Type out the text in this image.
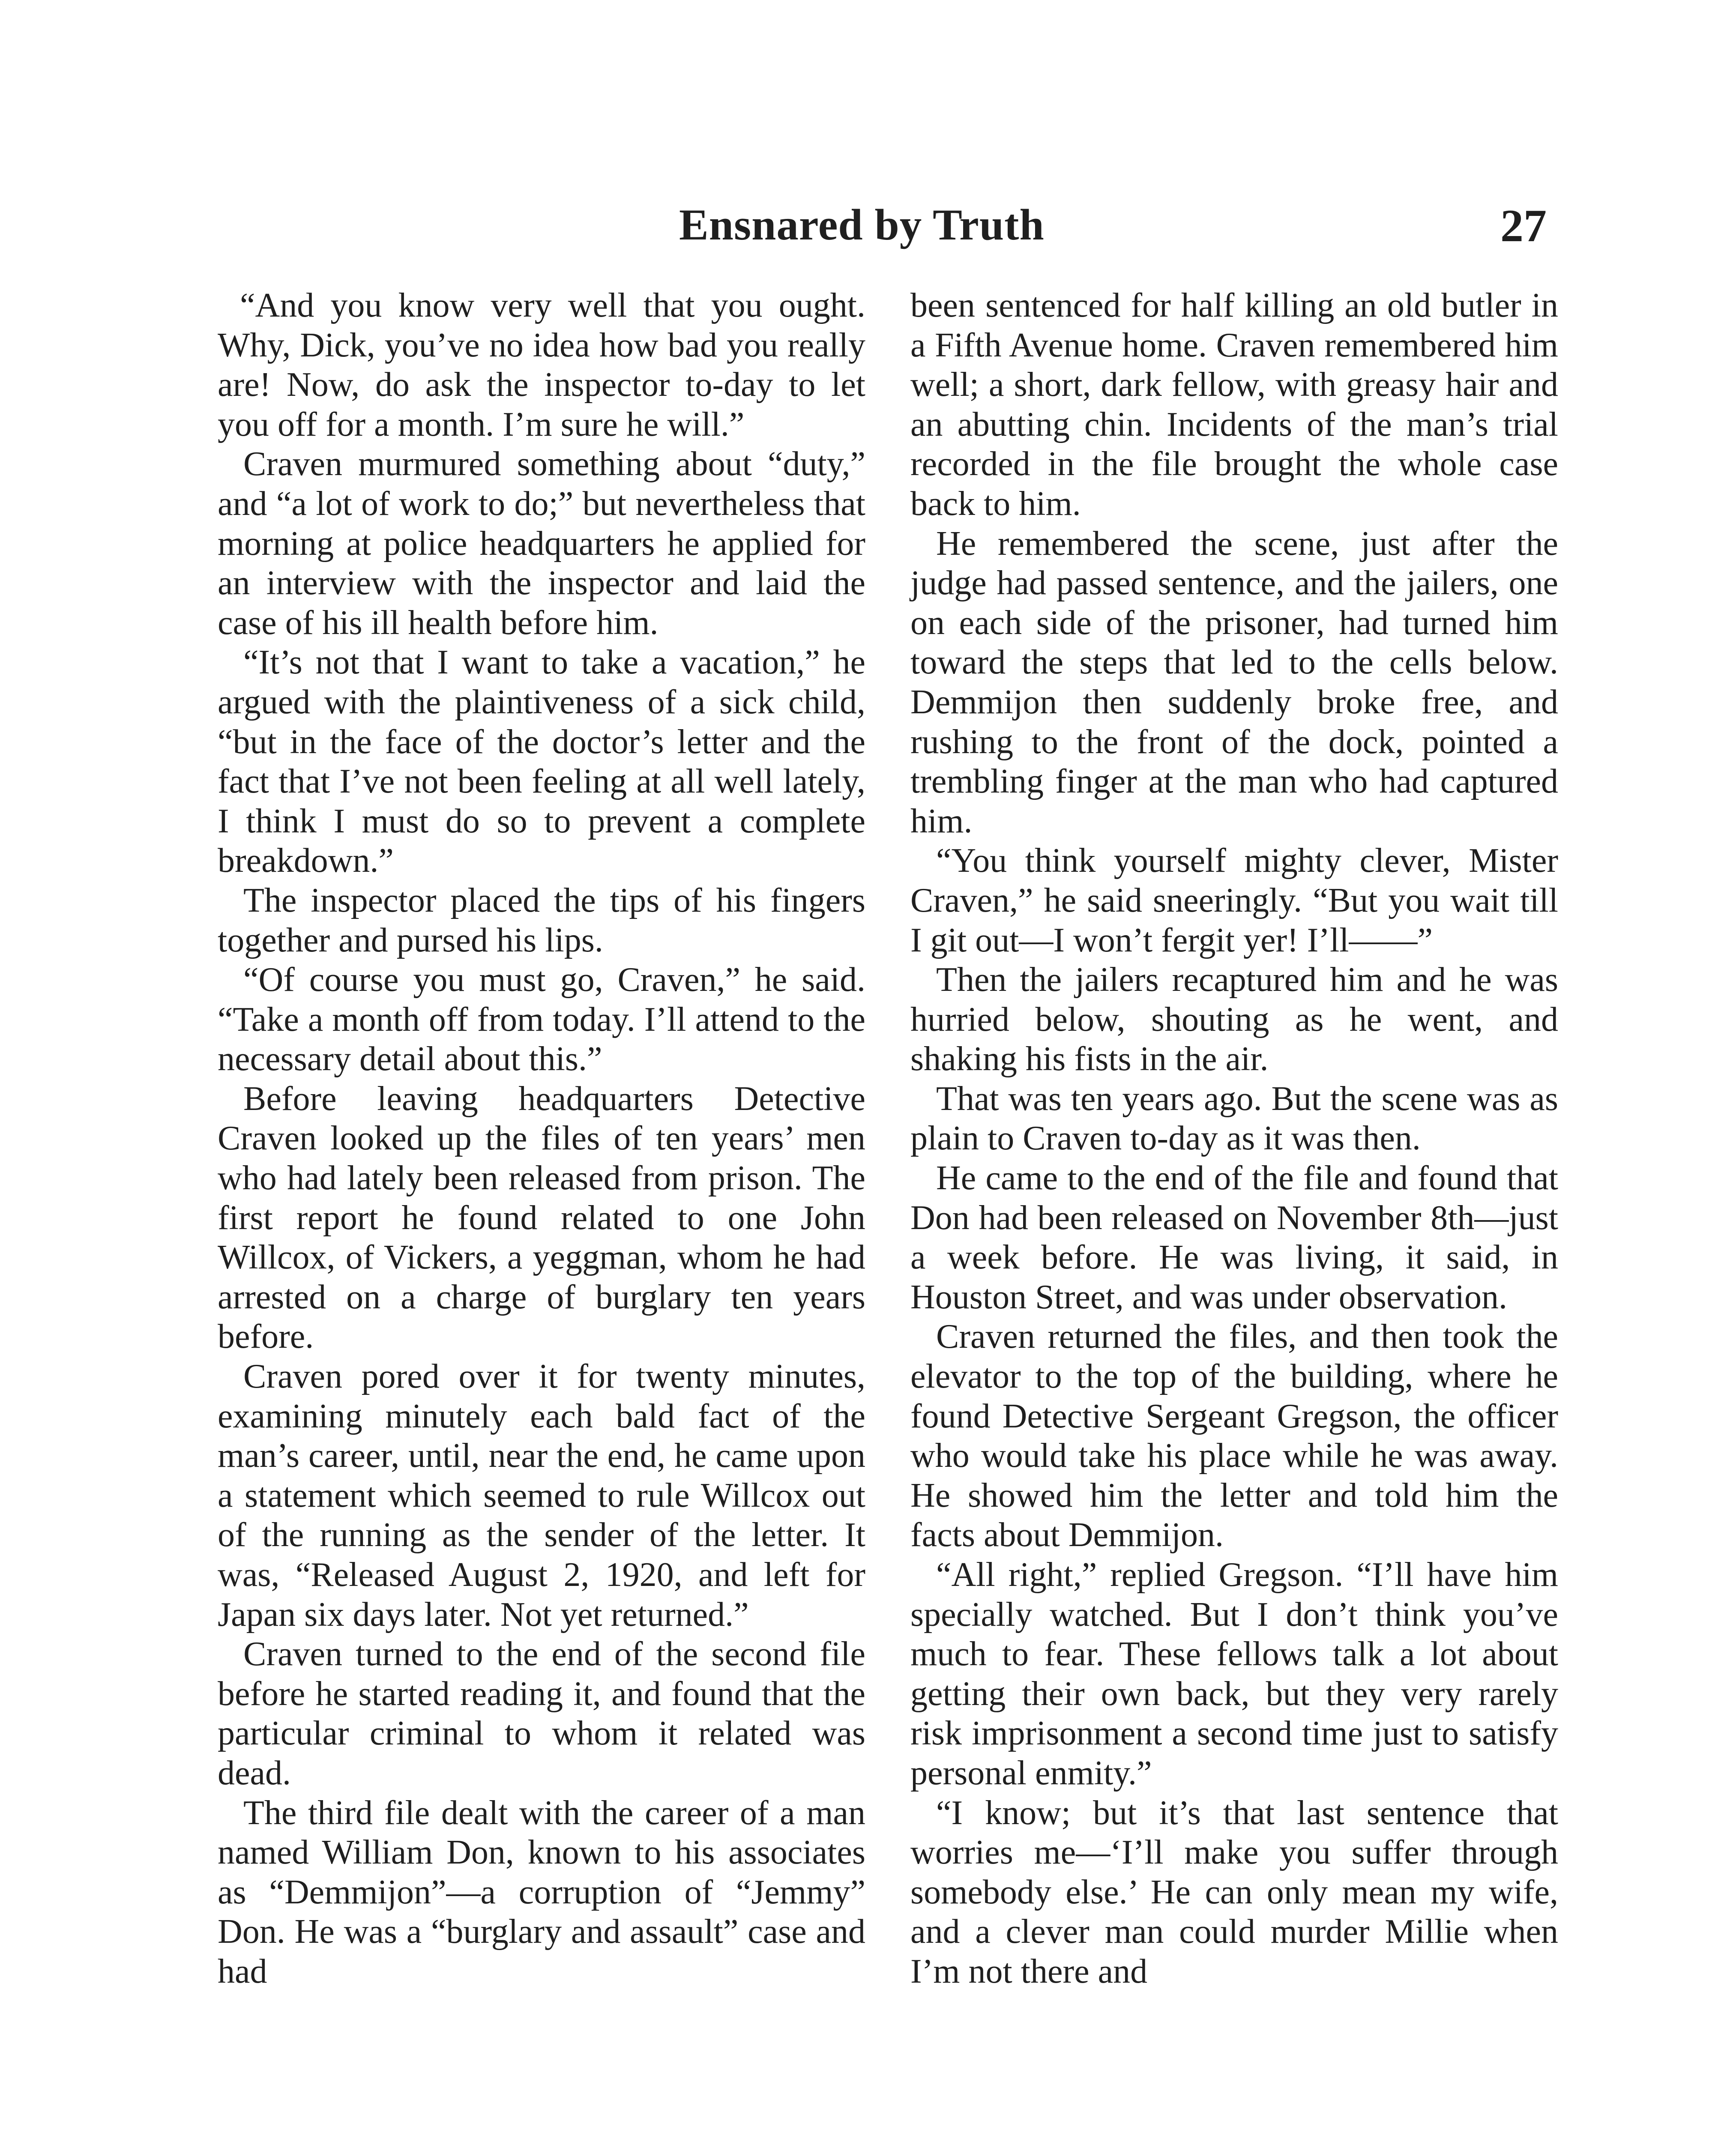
Ensnared by Truth	27

“And you know very well that you ought. Why, Dick, you’ve no idea how bad you really are! Now, do ask the inspector to-day to let you off for a month. I’m sure he will.”

Craven murmured something about “duty,” and “a lot of work to do;” but nevertheless that morning at police headquarters he applied for an interview with the inspector and laid the case of his ill health before him.

“It’s not that I want to take a vacation,” he argued with the plaintiveness of a sick child, “but in the face of the doctor’s letter and the fact that I’ve not been feeling at all well lately, I think I must do so to prevent a complete breakdown.”

The inspector placed the tips of his fingers together and pursed his lips.

“Of course you must go, Craven,” he said. “Take a month off from today. I’ll attend to the necessary detail about this.”

Before leaving headquarters Detective Craven looked up the files of ten years’ men who had lately been released from prison. The first report he found related to one John Willcox, of Vickers, a yeggman, whom he had arrested on a charge of burglary ten years before.

Craven pored over it for twenty minutes, examining minutely each bald fact of the man’s career, until, near the end, he came upon a statement which seemed to rule Willcox out of the running as the sender of the letter. It was, “Released August 2, 1920, and left for Japan six days later. Not yet returned.”

Craven turned to the end of the second file before he started reading it, and found that the particular criminal to whom it related was dead.

The third file dealt with the career of a man named William Don, known to his associates as “Demmijon”—a corruption of “Jemmy” Don. He was a “burglary and assault” case and had

been sentenced for half killing an old butler in a Fifth Avenue home. Craven remembered him well; a short, dark fellow, with greasy hair and an abutting chin. Incidents of the man’s trial recorded in the file brought the whole case back to him.

He remembered the scene, just after the judge had passed sentence, and the jailers, one on each side of the prisoner, had turned him toward the steps that led to the cells below. Demmijon then suddenly broke free, and rushing to the front of the dock, pointed a trembling finger at the man who had captured him.

“You think yourself mighty clever, Mister Craven,” he said sneeringly. “But you wait till I git out—I won’t fergit yer! I’ll——”

Then the jailers recaptured him and he was hurried below, shouting as he went, and shaking his fists in the air.

That was ten years ago. But the scene was as plain to Craven to-day as it was then.

He came to the end of the file and found that Don had been released on November 8th—just a week before. He was living, it said, in Houston Street, and was under observation.

Craven returned the files, and then took the elevator to the top of the building, where he found Detective Sergeant Gregson, the officer who would take his place while he was away. He showed him the letter and told him the facts about Demmijon.

“All right,” replied Gregson. “I’ll have him specially watched. But I don’t think you’ve much to fear. These fellows talk a lot about getting their own back, but they very rarely risk imprisonment a second time just to satisfy personal enmity.”

“I know; but it’s that last sentence that worries me—‘I’ll make you suffer through somebody else.’ He can only mean my wife, and a clever man could murder Millie when I’m not there and
